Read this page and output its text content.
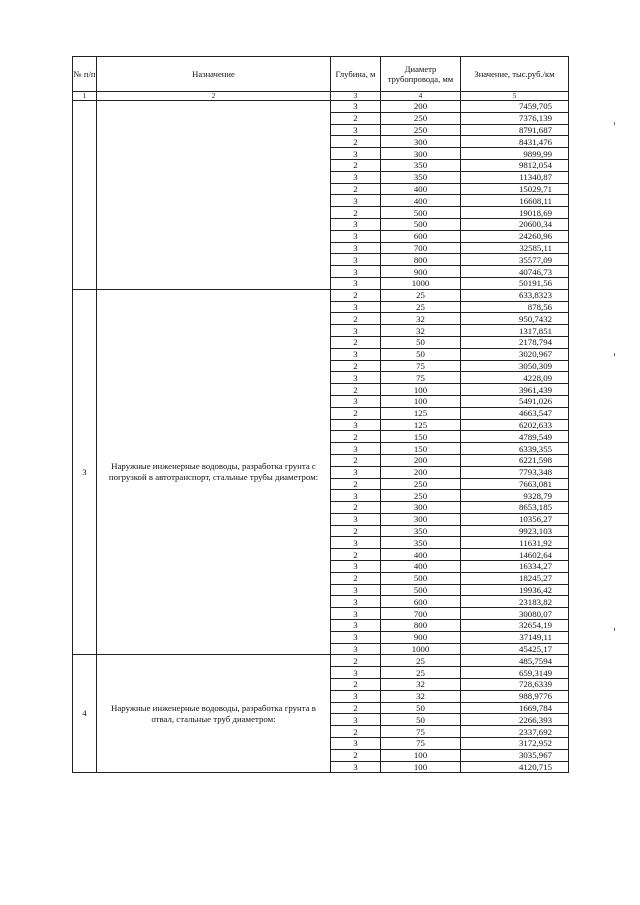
№ п/п	Назначение	Глубина, м	Диаметр трубопровода, мм	Значение, тыс.руб./км
1	2	3	4	5
		3	200	7459,705
		2	250	7376,139
		3	250	8791,687
		2	300	8431,476
		3	300	9899,99
		2	350	9812,054
		3	350	11340,87
		2	400	15029,71
		3	400	16608,11
		2	500	19018,69
		3	500	20600,34
		3	600	24260,96
		3	700	32585,11
		3	800	35577,09
		3	900	40746,73
		3	1000	50191,56
3	Наружные инженерные водоводы, разработка грунта с погрузкой в автотранспорт, стальные трубы диаметром:	2	25	633,8323
		3	25	878,56
		2	32	950,7432
		3	32	1317,851
		2	50	2178,794
		3	50	3020,967
		2	75	3050,309
		3	75	4228,09
		2	100	3961,439
		3	100	5491,026
		2	125	4663,547
		3	125	6202,633
		2	150	4789,549
		3	150	6339,355
		2	200	6221,598
		3	200	7793,348
		2	250	7663,081
		3	250	9328,79
		2	300	8653,185
		3	300	10356,27
		2	350	9923,103
		3	350	11631,92
		2	400	14602,64
		3	400	16334,27
		2	500	18245,27
		3	500	19936,42
		3	600	23183,82
		3	700	30080,07
		3	800	32654,19
		3	900	37149,11
		3	1000	45425,17
4	Наружные инженерные водоводы, разработка грунта в отвал, стальные труб диаметром:	2	25	485,7594
		3	25	659,3149
		2	32	728,6339
		3	32	988,9776
		2	50	1669,784
		3	50	2266,393
		2	75	2337,692
		3	75	3172,952
		2	100	3035,967
		3	100	4120,715
